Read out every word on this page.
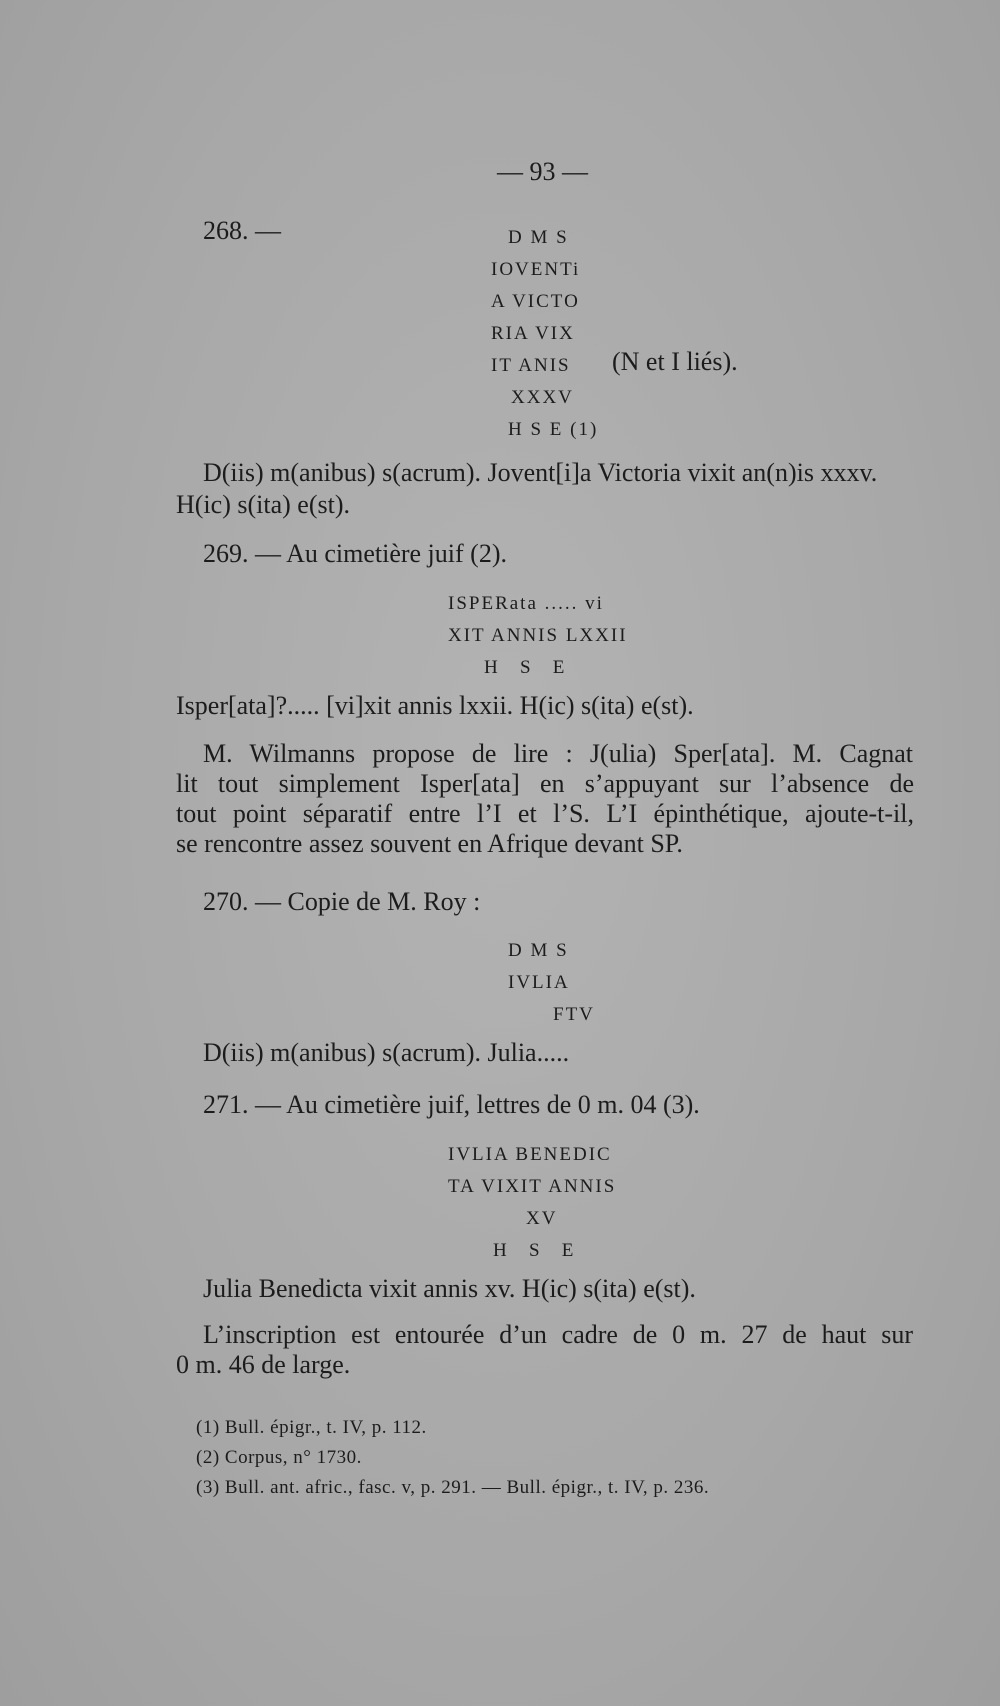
— 93 —
268. —	D M S
IOVENTi
A VICTO
RIA VIX
IT ANIS (N et I liés).
XXXV
H S E (1)
D(iis) m(anibus) s(acrum). Jovent[i]a Victoria vixit an(n)is xxxv.
H(ic) s(ita) e(st).
269. — Au cimetière juif (2).
ISPERata ..... vi
XIT ANNIS LXXII
H   S   E
Isper[ata]?..... [vi]xit annis lxxii. H(ic) s(ita) e(st).
M. Wilmanns propose de lire : J(ulia) Sper[ata]. M. Cagnat
lit tout simplement Isper[ata] en s’appuyant sur l’absence de
tout point séparatif entre l’I et l’S. L’I épinthétique, ajoute-t-il,
se rencontre assez souvent en Afrique devant SP.
270. — Copie de M. Roy :
D M S
IVLIA
FTV
D(iis) m(anibus) s(acrum). Julia.....
271. — Au cimetière juif, lettres de 0 m. 04 (3).
IVLIA BENEDIC
TA VIXIT ANNIS
XV
H   S   E
Julia Benedicta vixit annis xv. H(ic) s(ita) e(st).
L’inscription est entourée d’un cadre de 0 m. 27 de haut sur
0 m. 46 de large.
(1) Bull. épigr., t. IV, p. 112.
(2) Corpus, n° 1730.
(3) Bull. ant. afric., fasc. v, p. 291. — Bull. épigr., t. IV, p. 236.
